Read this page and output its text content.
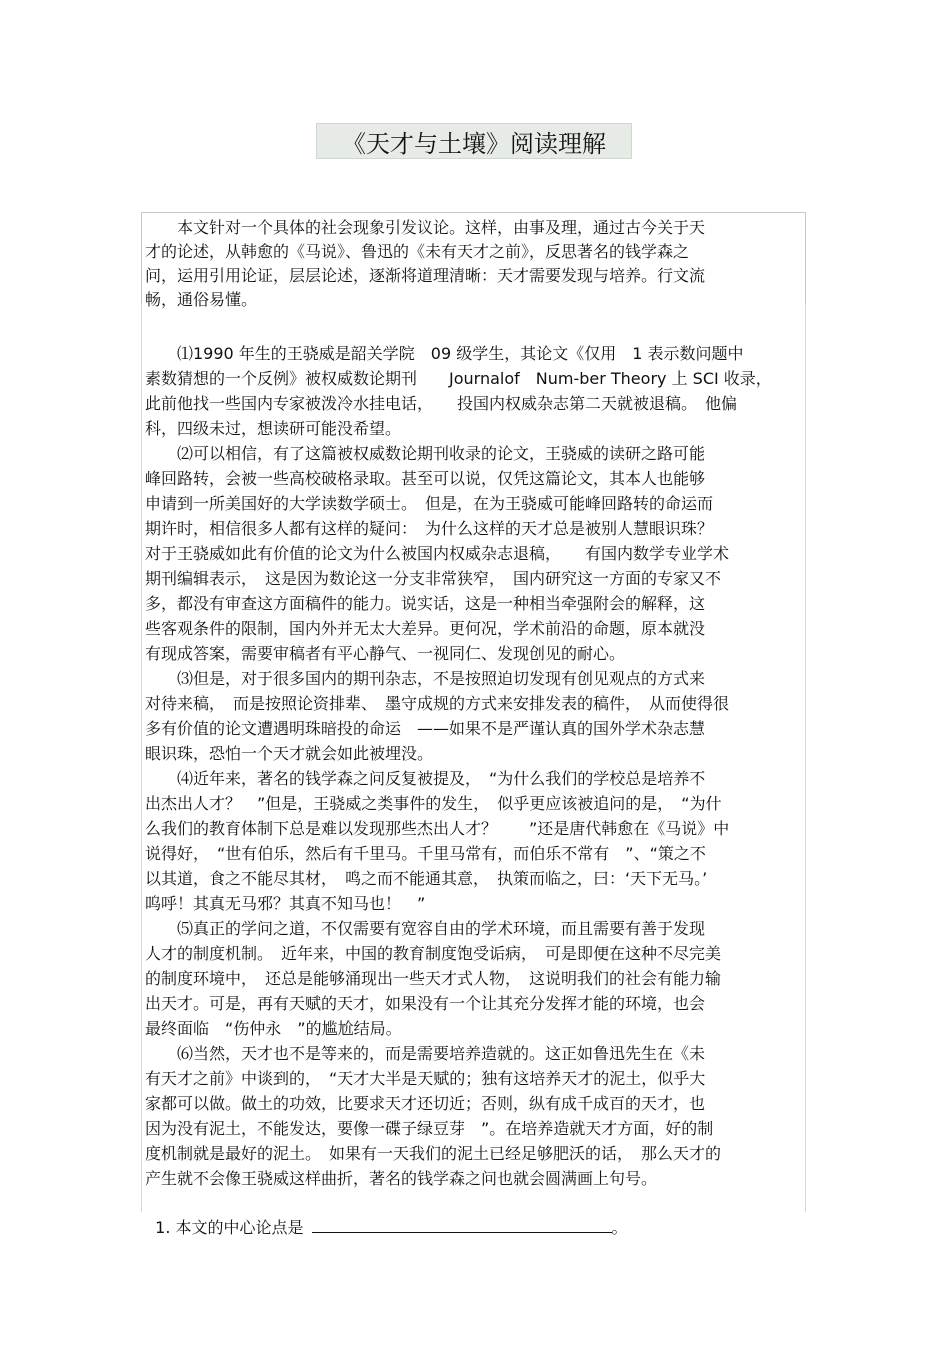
《天才与土壤》阅读理解
　　本文针对一个具体的社会现象引发议论。这样，由事及理，通过古今关于天
才的论述，从韩愈的《马说》、鲁迅的《未有天才之前》，反思著名的钱学森之
问，运用引用论证，层层论述，逐渐将道理清晰：天才需要发现与培养。行文流
畅，通俗易懂。
　　⑴1990 年生的王骁威是韶关学院　09 级学生，其论文《仅用　1 表示数问题中
素数猜想的一个反例》被权威数论期刊　　Journalof　Num-ber Theory 上 SCI 收录，
此前他找一些国内专家被泼冷水挂电话，　　投国内权威杂志第二天就被退稿。　他偏
科，四级未过，想读研可能没希望。
　　⑵可以相信，有了这篇被权威数论期刊收录的论文，王骁威的读研之路可能
峰回路转，会被一些高校破格录取。甚至可以说，仅凭这篇论文，其本人也能够
申请到一所美国好的大学读数学硕士。　但是，在为王骁威可能峰回路转的命运而
期许时，相信很多人都有这样的疑问：　为什么这样的天才总是被别人慧眼识珠？
对于王骁威如此有价值的论文为什么被国内权威杂志退稿，　　有国内数学专业学术
期刊编辑表示，　这是因为数论这一分支非常狭窄，　国内研究这一方面的专家又不
多，都没有审查这方面稿件的能力。说实话，这是一种相当牵强附会的解释，这
些客观条件的限制，国内外并无太大差异。更何况，学术前沿的命题，原本就没
有现成答案，需要审稿者有平心静气、一视同仁、发现创见的耐心。
　　⑶但是，对于很多国内的期刊杂志，不是按照迫切发现有创见观点的方式来
对待来稿，　而是按照论资排辈、　墨守成规的方式来安排发表的稿件，　从而使得很
多有价值的论文遭遇明珠暗投的命运　——如果不是严谨认真的国外学术杂志慧
眼识珠，恐怕一个天才就会如此被埋没。
　　⑷近年来，著名的钱学森之问反复被提及，　“为什么我们的学校总是培养不
出杰出人才？　”但是，王骁威之类事件的发生，　似乎更应该被追问的是，　“为什
么我们的教育体制下总是难以发现那些杰出人才？　　”还是唐代韩愈在《马说》中
说得好，　“世有伯乐，然后有千里马。千里马常有，而伯乐不常有　”、“策之不
以其道，食之不能尽其材，　鸣之而不能通其意，　执策而临之，曰：‘天下无马。’
呜呼！其真无马邪？其真不知马也！　”
　　⑸真正的学问之道，不仅需要有宽容自由的学术环境，而且需要有善于发现
人才的制度机制。　近年来，中国的教育制度饱受诟病，　可是即便在这种不尽完美
的制度环境中，　还总是能够涌现出一些天才式人物，　这说明我们的社会有能力输
出天才。可是，再有天赋的天才，如果没有一个让其充分发挥才能的环境，也会
最终面临　“伤仲永　”的尴尬结局。
　　⑹当然，天才也不是等来的，而是需要培养造就的。这正如鲁迅先生在《未
有天才之前》中谈到的，　“天才大半是天赋的；独有这培养天才的泥土，似乎大
家都可以做。做土的功效，比要求天才还切近；否则，纵有成千成百的天才，也
因为没有泥土，不能发达，要像一碟子绿豆芽　”。在培养造就天才方面，好的制
度机制就是最好的泥土。　如果有一天我们的泥土已经足够肥沃的话，　那么天才的
产生就不会像王骁威这样曲折，著名的钱学森之问也就会圆满画上句号。

1. 本文的中心论点是	。
